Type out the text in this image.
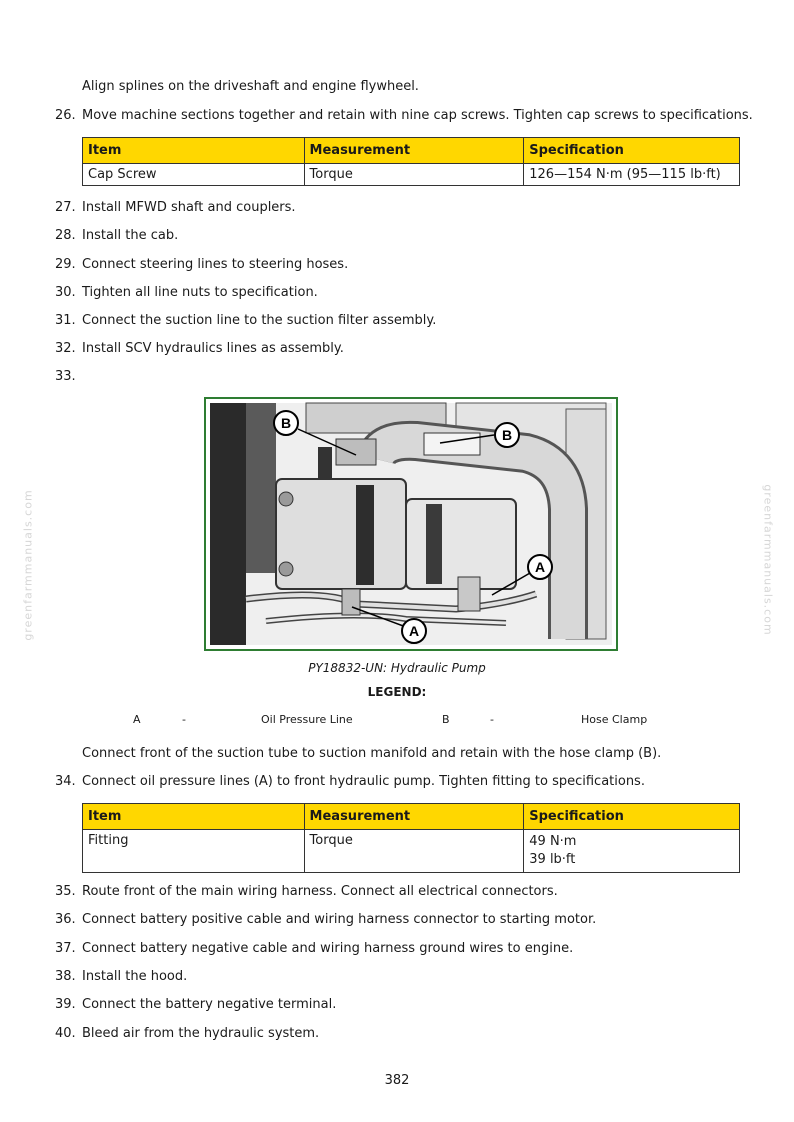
Align splines on the driveshaft and engine flywheel.
26. Move machine sections together and retain with nine cap screws. Tighten cap screws to specifications.
Item	Measurement	Specification
Cap Screw	Torque	126—154 N·m (95—115 lb·ft)
27. Install MFWD shaft and couplers.
28. Install the cab.
29. Connect steering lines to steering hoses.
30. Tighten all line nuts to specification.
31. Connect the suction line to the suction filter assembly.
32. Install SCV hydraulics lines as assembly.
33.
B
B
A
A
PY18832-UN: Hydraulic Pump
LEGEND:
A	-	Oil Pressure Line	B	-	Hose Clamp
Connect front of the suction tube to suction manifold and retain with the hose clamp (B).
34. Connect oil pressure lines (A) to front hydraulic pump. Tighten fitting to specifications.
Item	Measurement	Specification
Fitting	Torque	49 N·m
39 lb·ft
35. Route front of the main wiring harness. Connect all electrical connectors.
36. Connect battery positive cable and wiring harness connector to starting motor.
37. Connect battery negative cable and wiring harness ground wires to engine.
38. Install the hood.
39. Connect the battery negative terminal.
40. Bleed air from the hydraulic system.
greenfarmmanuals.com	greenfarmmanuals.com
382
